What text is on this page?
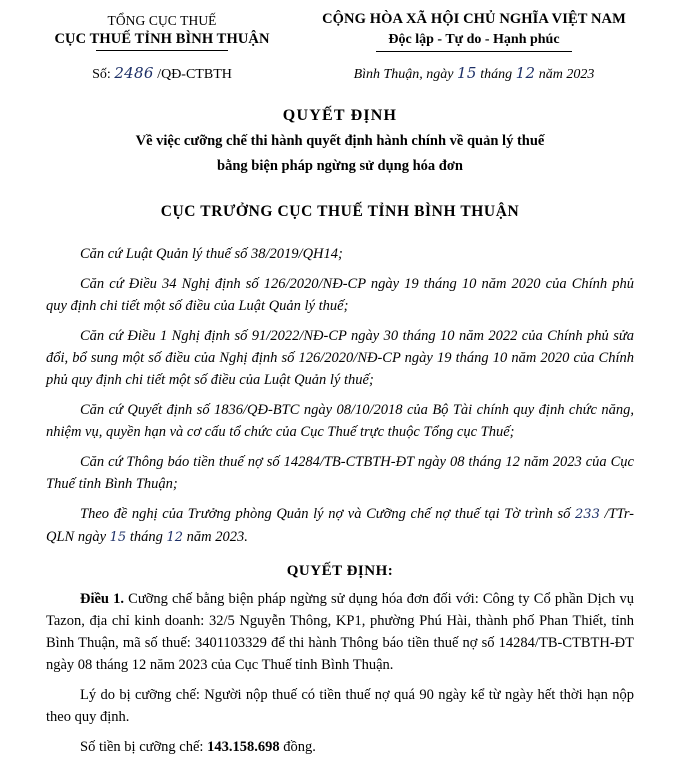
TỔNG CỤC THUẾ
CỤC THUẾ TỈNH BÌNH THUẬN
CỘNG HÒA XÃ HỘI CHỦ NGHĨA VIỆT NAM
Độc lập - Tự do - Hạnh phúc
Số: 2486 /QĐ-CTBTH	Bình Thuận, ngày 15 tháng 12 năm 2023
QUYẾT ĐỊNH
Về việc cưỡng chế thi hành quyết định hành chính về quản lý thuế
bằng biện pháp ngừng sử dụng hóa đơn
CỤC TRƯỞNG CỤC THUẾ TỈNH BÌNH THUẬN

Căn cứ Luật Quản lý thuế số 38/2019/QH14;

Căn cứ Điều 34 Nghị định số 126/2020/NĐ-CP ngày 19 tháng 10 năm 2020 của Chính phủ quy định chi tiết một số điều của Luật Quản lý thuế;

Căn cứ Điều 1 Nghị định số 91/2022/NĐ-CP ngày 30 tháng 10 năm 2022 của Chính phủ sửa đổi, bổ sung một số điều của Nghị định số 126/2020/NĐ-CP ngày 19 tháng 10 năm 2020 của Chính phủ quy định chi tiết một số điều của Luật Quản lý thuế;

Căn cứ Quyết định số 1836/QĐ-BTC ngày 08/10/2018 của Bộ Tài chính quy định chức năng, nhiệm vụ, quyền hạn và cơ cấu tổ chức của Cục Thuế trực thuộc Tổng cục Thuế;

Căn cứ Thông báo tiền thuế nợ số 14284/TB-CTBTH-ĐT ngày 08 tháng 12 năm 2023 của Cục Thuế tỉnh Bình Thuận;

Theo đề nghị của Trưởng phòng Quản lý nợ và Cưỡng chế nợ thuế tại Tờ trình số 233 /TTr-QLN ngày 15 tháng 12 năm 2023.

QUYẾT ĐỊNH:

Điều 1. Cưỡng chế bằng biện pháp ngừng sử dụng hóa đơn đối với: Công ty Cổ phần Dịch vụ Tazon, địa chỉ kinh doanh: 32/5 Nguyễn Thông, KP1, phường Phú Hài, thành phố Phan Thiết, tỉnh Bình Thuận, mã số thuế: 3401103329 để thi hành Thông báo tiền thuế nợ số 14284/TB-CTBTH-ĐT ngày 08 tháng 12 năm 2023 của Cục Thuế tỉnh Bình Thuận.

Lý do bị cưỡng chế: Người nộp thuế có tiền thuế nợ quá 90 ngày kể từ ngày hết thời hạn nộp theo quy định.

Số tiền bị cưỡng chế: 143.158.698 đồng.
